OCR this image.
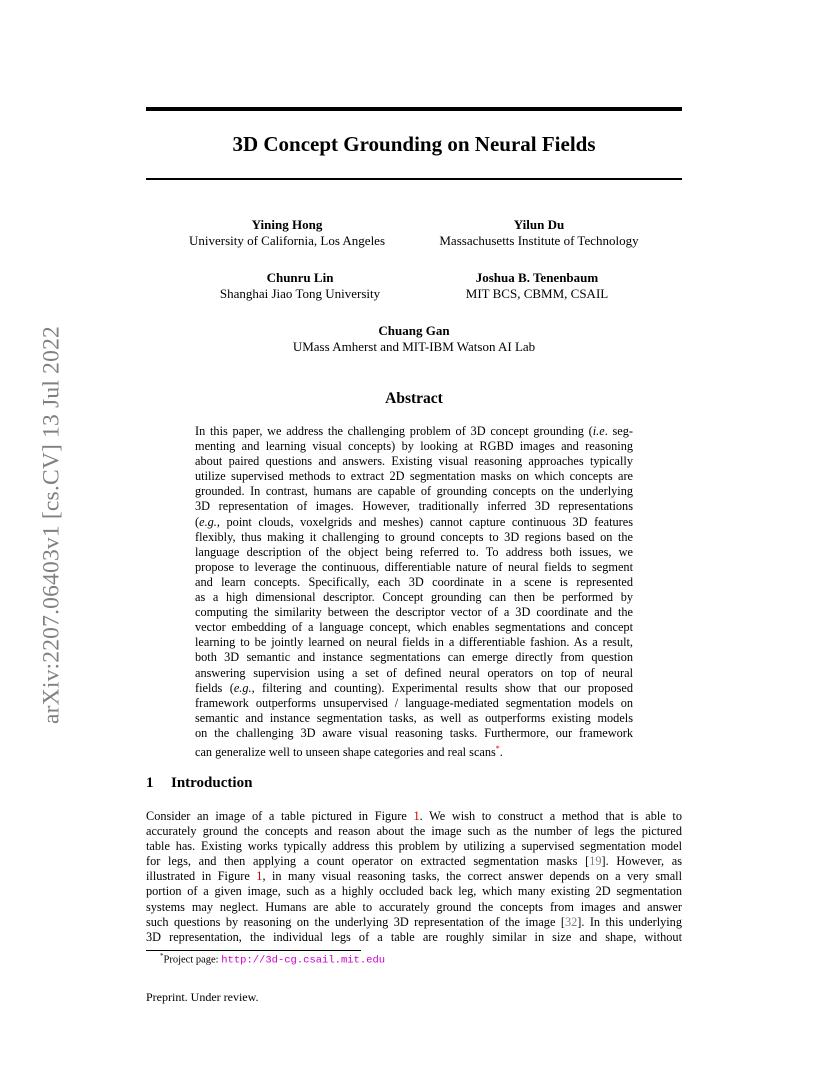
arXiv:2207.06403v1 [cs.CV] 13 Jul 2022
3D Concept Grounding on Neural Fields
Yining Hong
University of California, Los Angeles
Yilun Du
Massachusetts Institute of Technology
Chunru Lin
Shanghai Jiao Tong University
Joshua B. Tenenbaum
MIT BCS, CBMM, CSAIL
Chuang Gan
UMass Amherst and MIT-IBM Watson AI Lab
Abstract
In this paper, we address the challenging problem of 3D concept grounding (i.e. seg-
menting and learning visual concepts) by looking at RGBD images and reasoning
about paired questions and answers. Existing visual reasoning approaches typically
utilize supervised methods to extract 2D segmentation masks on which concepts are
grounded. In contrast, humans are capable of grounding concepts on the underlying
3D representation of images. However, traditionally inferred 3D representations
(e.g., point clouds, voxelgrids and meshes) cannot capture continuous 3D features
flexibly, thus making it challenging to ground concepts to 3D regions based on the
language description of the object being referred to. To address both issues, we
propose to leverage the continuous, differentiable nature of neural fields to segment
and learn concepts. Specifically, each 3D coordinate in a scene is represented
as a high dimensional descriptor. Concept grounding can then be performed by
computing the similarity between the descriptor vector of a 3D coordinate and the
vector embedding of a language concept, which enables segmentations and concept
learning to be jointly learned on neural fields in a differentiable fashion. As a result,
both 3D semantic and instance segmentations can emerge directly from question
answering supervision using a set of defined neural operators on top of neural
fields (e.g., filtering and counting). Experimental results show that our proposed
framework outperforms unsupervised / language-mediated segmentation models on
semantic and instance segmentation tasks, as well as outperforms existing models
on the challenging 3D aware visual reasoning tasks. Furthermore, our framework
can generalize well to unseen shape categories and real scans*.
1 Introduction
Consider an image of a table pictured in Figure 1. We wish to construct a method that is able to
accurately ground the concepts and reason about the image such as the number of legs the pictured
table has. Existing works typically address this problem by utilizing a supervised segmentation model
for legs, and then applying a count operator on extracted segmentation masks [19]. However, as
illustrated in Figure 1, in many visual reasoning tasks, the correct answer depends on a very small
portion of a given image, such as a highly occluded back leg, which many existing 2D segmentation
systems may neglect. Humans are able to accurately ground the concepts from images and answer
such questions by reasoning on the underlying 3D representation of the image [32]. In this underlying
3D representation, the individual legs of a table are roughly similar in size and shape, without
*Project page: http://3d-cg.csail.mit.edu
Preprint. Under review.
